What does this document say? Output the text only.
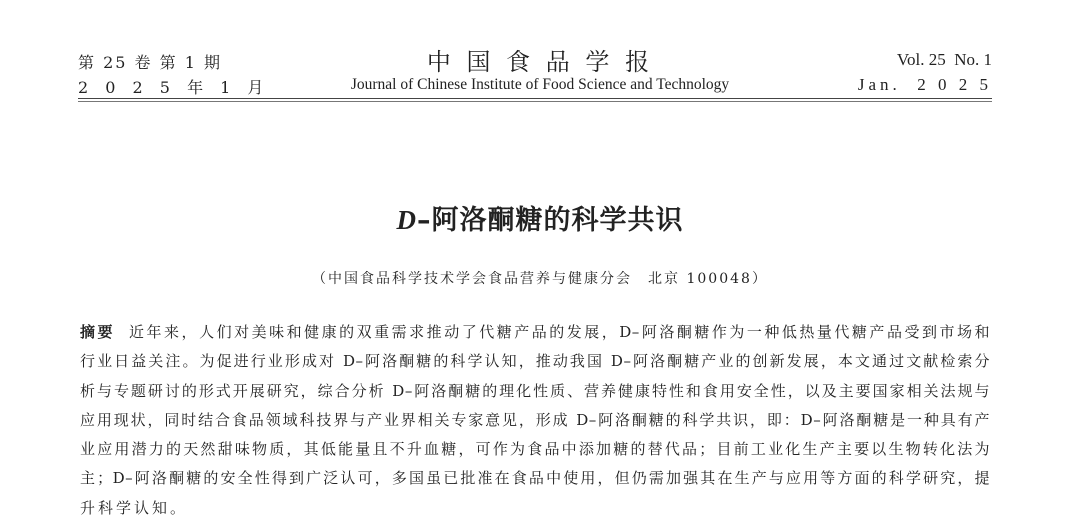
第 25 卷 第 1 期
2 0 2 5 年 1 月
中 国 食 品 学 报
Journal of Chinese Institute of Food Science and Technology
Vol. 25  No. 1
Jan.  2 0 2 5
D–阿洛酮糖的科学共识
（中国食品科学技术学会食品营养与健康分会　北京 100048）
摘要 近年来，人们对美味和健康的双重需求推动了代糖产品的发展，D–阿洛酮糖作为一种低热量代糖产品受到市场和
行业日益关注。为促进行业形成对 D–阿洛酮糖的科学认知，推动我国 D–阿洛酮糖产业的创新发展，本文通过文献检索分
析与专题研讨的形式开展研究，综合分析 D–阿洛酮糖的理化性质、营养健康特性和食用安全性，以及主要国家相关法规与
应用现状，同时结合食品领域科技界与产业界相关专家意见，形成 D–阿洛酮糖的科学共识，即：D–阿洛酮糖是一种具有产
业应用潜力的天然甜味物质，其低能量且不升血糖，可作为食品中添加糖的替代品；目前工业化生产主要以生物转化法为
主；D–阿洛酮糖的安全性得到广泛认可，多国虽已批准在食品中使用，但仍需加强其在生产与应用等方面的科学研究，提
升科学认知。
